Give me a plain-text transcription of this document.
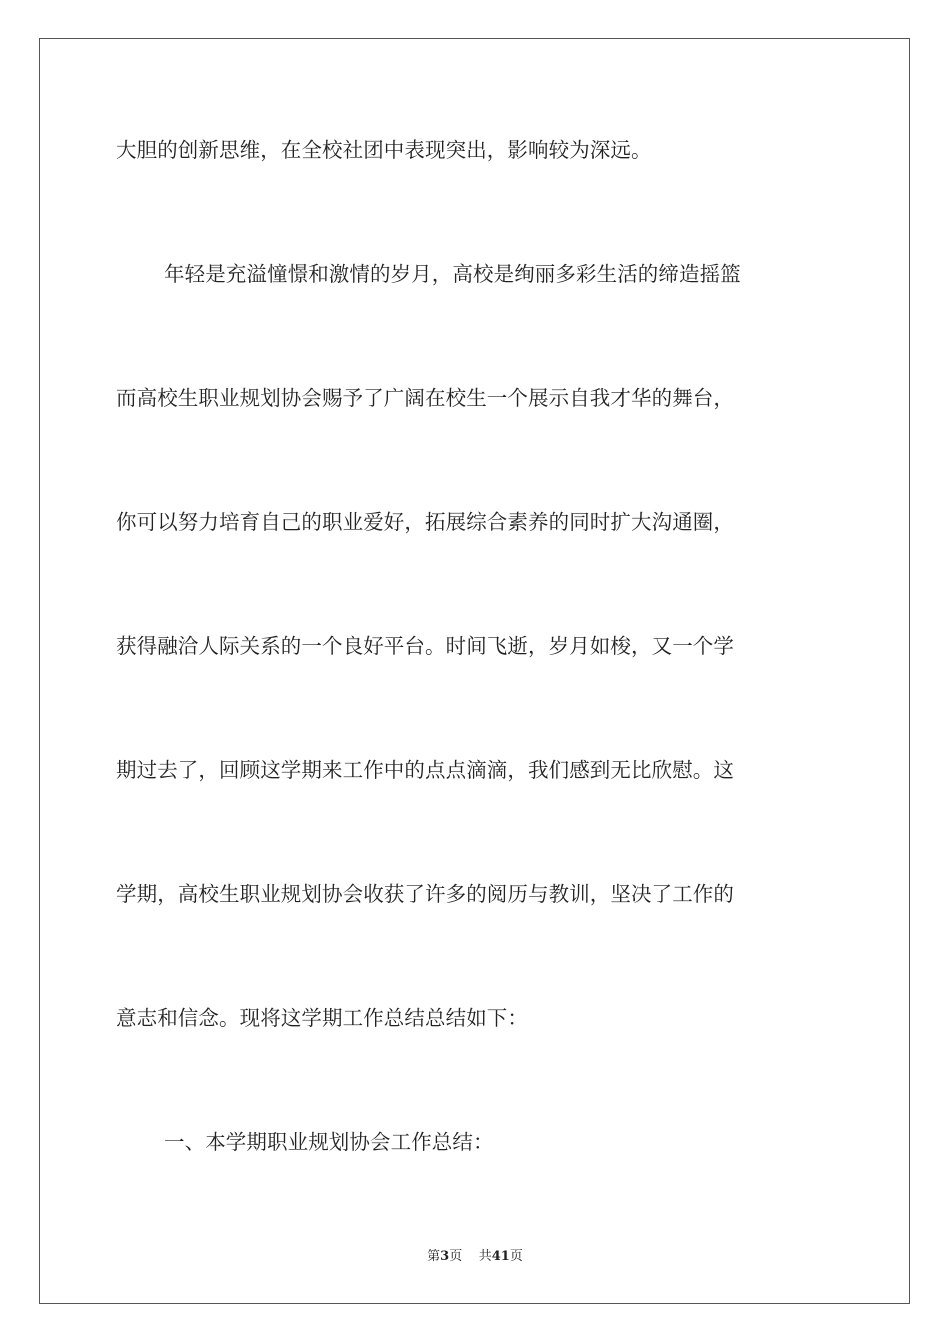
大胆的创新思维，在全校社团中表现突出，影响较为深远。

年轻是充溢憧憬和激情的岁月，高校是绚丽多彩生活的缔造摇篮

而高校生职业规划协会赐予了广阔在校生一个展示自我才华的舞台，

你可以努力培育自己的职业爱好，拓展综合素养的同时扩大沟通圈，

获得融洽人际关系的一个良好平台。时间飞逝，岁月如梭，又一个学

期过去了，回顾这学期来工作中的点点滴滴，我们感到无比欣慰。这

学期，高校生职业规划协会收获了许多的阅历与教训，坚决了工作的

意志和信念。现将这学期工作总结总结如下：

一、本学期职业规划协会工作总结：

第3页    共41页
